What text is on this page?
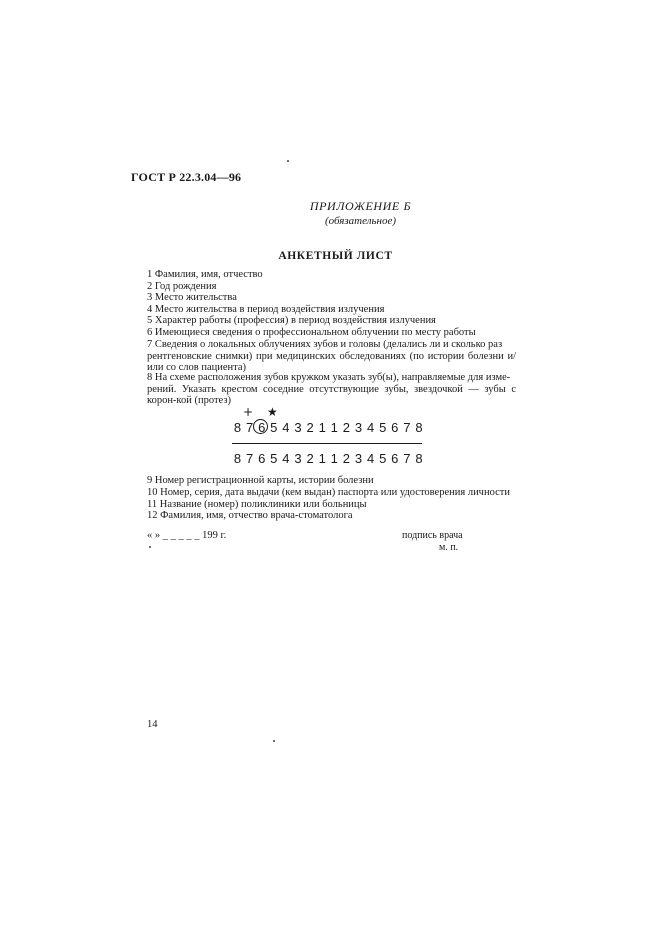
ГОСТ Р 22.3.04—96
ПРИЛОЖЕНИЕ Б
(обязательное)
АНКЕТНЫЙ ЛИСТ
1 Фамилия, имя, отчество
2 Год рождения
3 Место жительства
4 Место жительства в период воздействия излучения
5 Характер работы (профессия) в период воздействия излучения
6 Имеющиеся сведения о профессиональном облучении по месту работы
7 Сведения о локальных облучениях зубов и головы (делались ли и сколько раз
рентгеновские снимки) при медицинских обследованиях (по истории болезни и/или со слов пациента)
8 На схеме расположения зубов кружком указать зуб(ы), направляемые для изме-
рений. Указать крестом соседние отсутствующие зубы, звездочкой — зубы с корон-кой (протез)
+ ★
8 7 6 5 4 3 2 1 1 2 3 4 5 6 7 8
8 7 6 5 4 3 2 1 1 2 3 4 5 6 7 8
9 Номер регистрационной карты, истории болезни
10 Номер, серия, дата выдачи (кем выдан) паспорта или удостоверения личности
11 Название (номер) поликлиники или больницы
12 Фамилия, имя, отчество врача-стоматолога
« » _ _ _ _ _ 199 г.	подпись врача
м. п.
14
